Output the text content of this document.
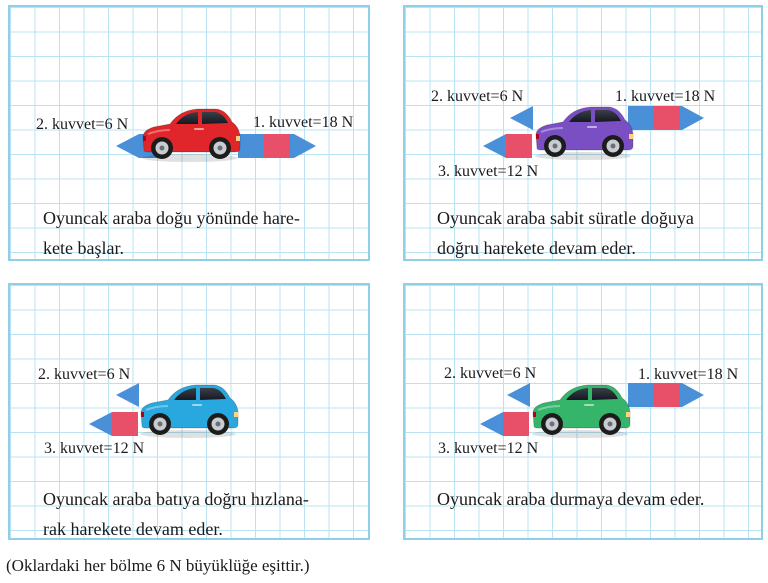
2. kuvvet=6 N	1. kuvvet=18 N
2. kuvvet=6 N	1. kuvvet=18 N
3. kuvvet=12 N
2. kuvvet=6 N
3. kuvvet=12 N
2. kuvvet=6 N	1. kuvvet=18 N
3. kuvvet=12 N
Oyuncak araba doğu yönünde hare-
kete başlar.
Oyuncak araba sabit süratle doğuya
doğru harekete devam eder.
Oyuncak araba batıya doğru hızlana-
rak harekete devam eder.
Oyuncak araba durmaya devam eder.
(Oklardaki her bölme 6 N büyüklüğe eşittir.)
